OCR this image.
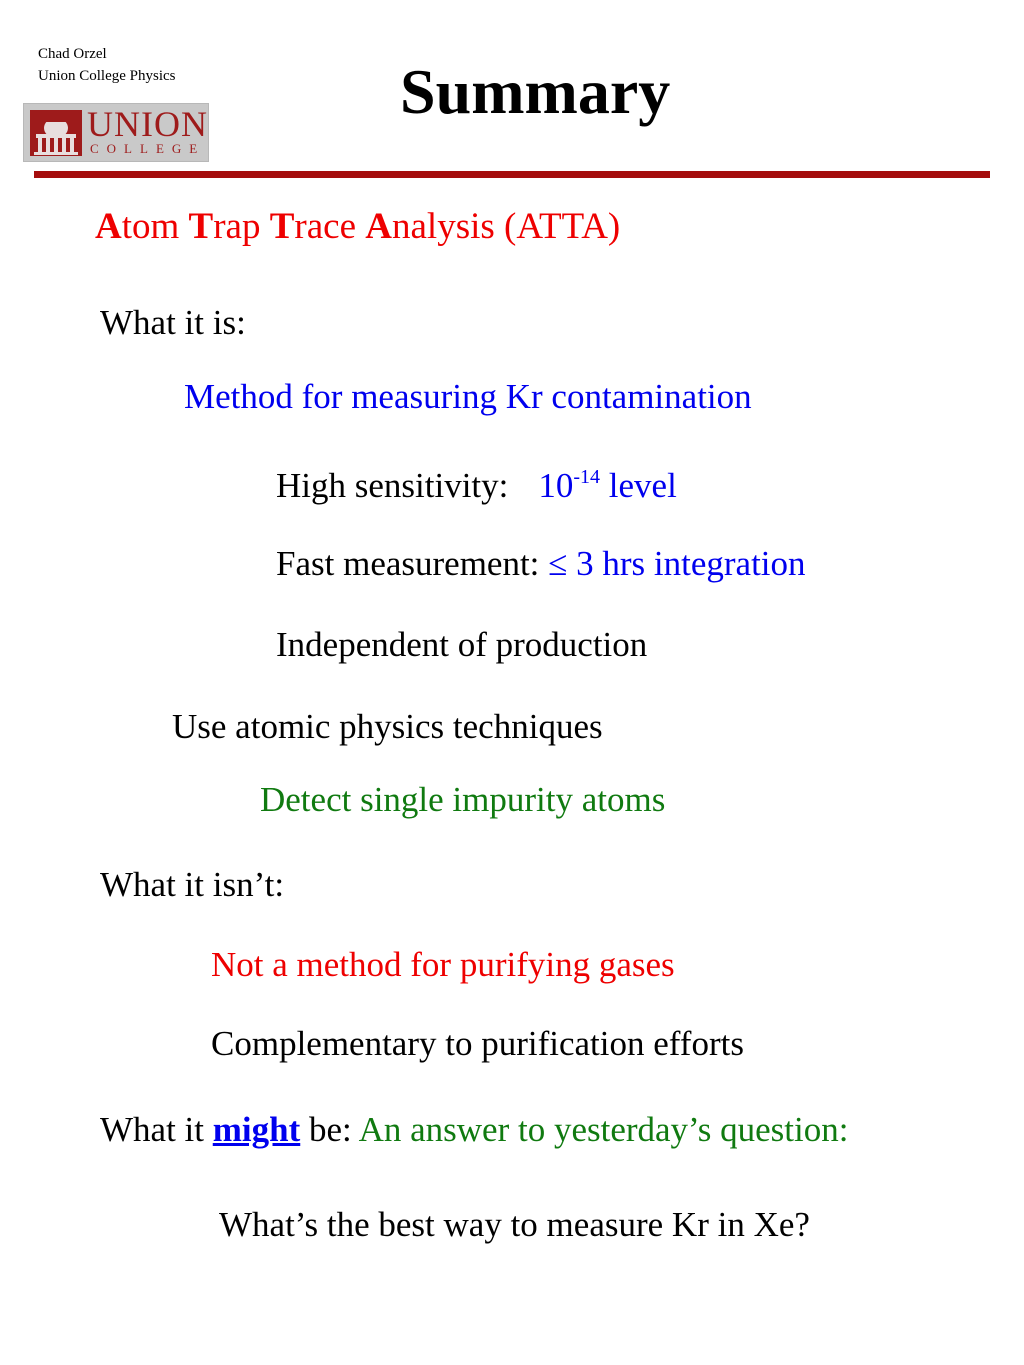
Chad Orzel
Union College Physics
UNION
COLLEGE
Summary
Atom Trap Trace Analysis (ATTA)
What it is:
Method for measuring Kr contamination
High sensitivity: $10^{-14}$ level
Fast measurement: ≤ 3 hrs integration
Independent of production
Use atomic physics techniques
Detect single impurity atoms
What it isn’t:
Not a method for purifying gases
Complementary to purification efforts
What it might be: An answer to yesterday’s question:
What’s the best way to measure Kr in Xe?
